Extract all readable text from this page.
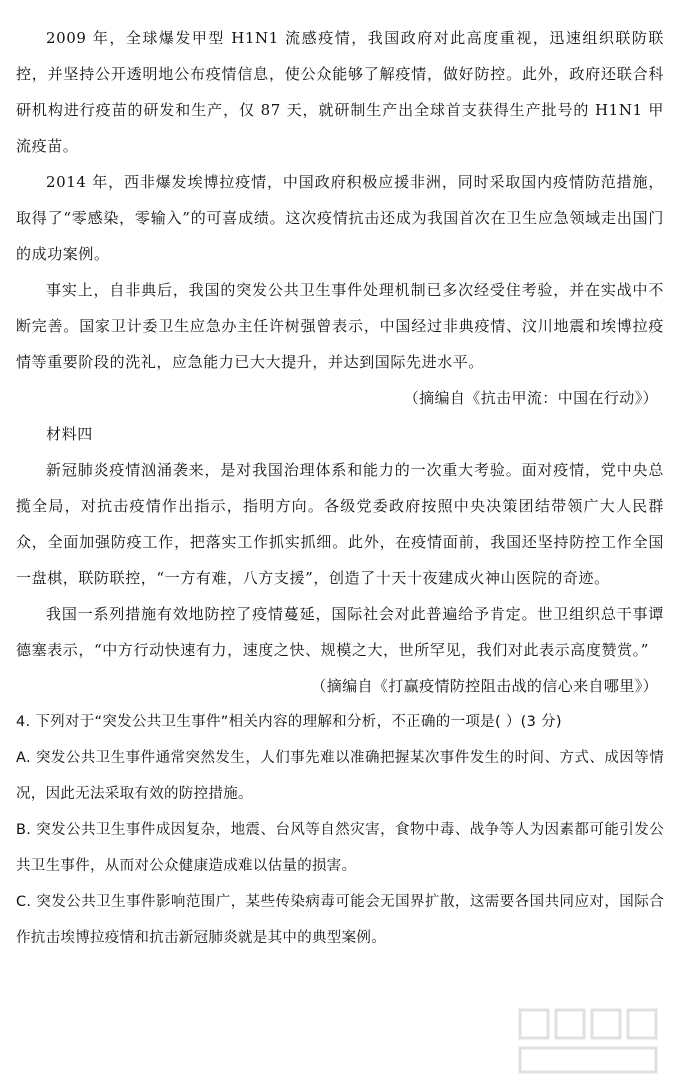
2009 年，全球爆发甲型 H1N1 流感疫情，我国政府对此高度重视，迅速组织联防联控，并坚持公开透明地公布疫情信息，使公众能够了解疫情，做好防控。此外，政府还联合科研机构进行疫苗的研发和生产，仅 87 天，就研制生产出全球首支获得生产批号的 H1N1 甲流疫苗。

2014 年，西非爆发埃博拉疫情，中国政府积极应援非洲，同时采取国内疫情防范措施，取得了“零感染，零输入”的可喜成绩。这次疫情抗击还成为我国首次在卫生应急领域走出国门的成功案例。

事实上，自非典后，我国的突发公共卫生事件处理机制已多次经受住考验，并在实战中不断完善。国家卫计委卫生应急办主任许树强曾表示，中国经过非典疫情、汶川地震和埃博拉疫情等重要阶段的洗礼，应急能力已大大提升，并达到国际先进水平。

（摘编自《抗击甲流：中国在行动》）

材料四

新冠肺炎疫情汹涌袭来，是对我国治理体系和能力的一次重大考验。面对疫情，党中央总揽全局，对抗击疫情作出指示，指明方向。各级党委政府按照中央决策团结带领广大人民群众，全面加强防疫工作，把落实工作抓实抓细。此外，在疫情面前，我国还坚持防控工作全国一盘棋，联防联控，“一方有难，八方支援”，创造了十天十夜建成火神山医院的奇迹。

我国一系列措施有效地防控了疫情蔓延，国际社会对此普遍给予肯定。世卫组织总干事谭德塞表示，“中方行动快速有力，速度之快、规模之大，世所罕见，我们对此表示高度赞赏。”

（摘编自《打赢疫情防控阻击战的信心来自哪里》）

4. 下列对于“突发公共卫生事件”相关内容的理解和分析，不正确的一项是( ）(3 分)

A. 突发公共卫生事件通常突然发生，人们事先难以准确把握某次事件发生的时间、方式、成因等情况，因此无法采取有效的防控措施。

B. 突发公共卫生事件成因复杂，地震、台风等自然灾害，食物中毒、战争等人为因素都可能引发公共卫生事件，从而对公众健康造成难以估量的损害。

C. 突发公共卫生事件影响范围广，某些传染病毒可能会无国界扩散，这需要各国共同应对，国际合作抗击埃博拉疫情和抗击新冠肺炎就是其中的典型案例。
